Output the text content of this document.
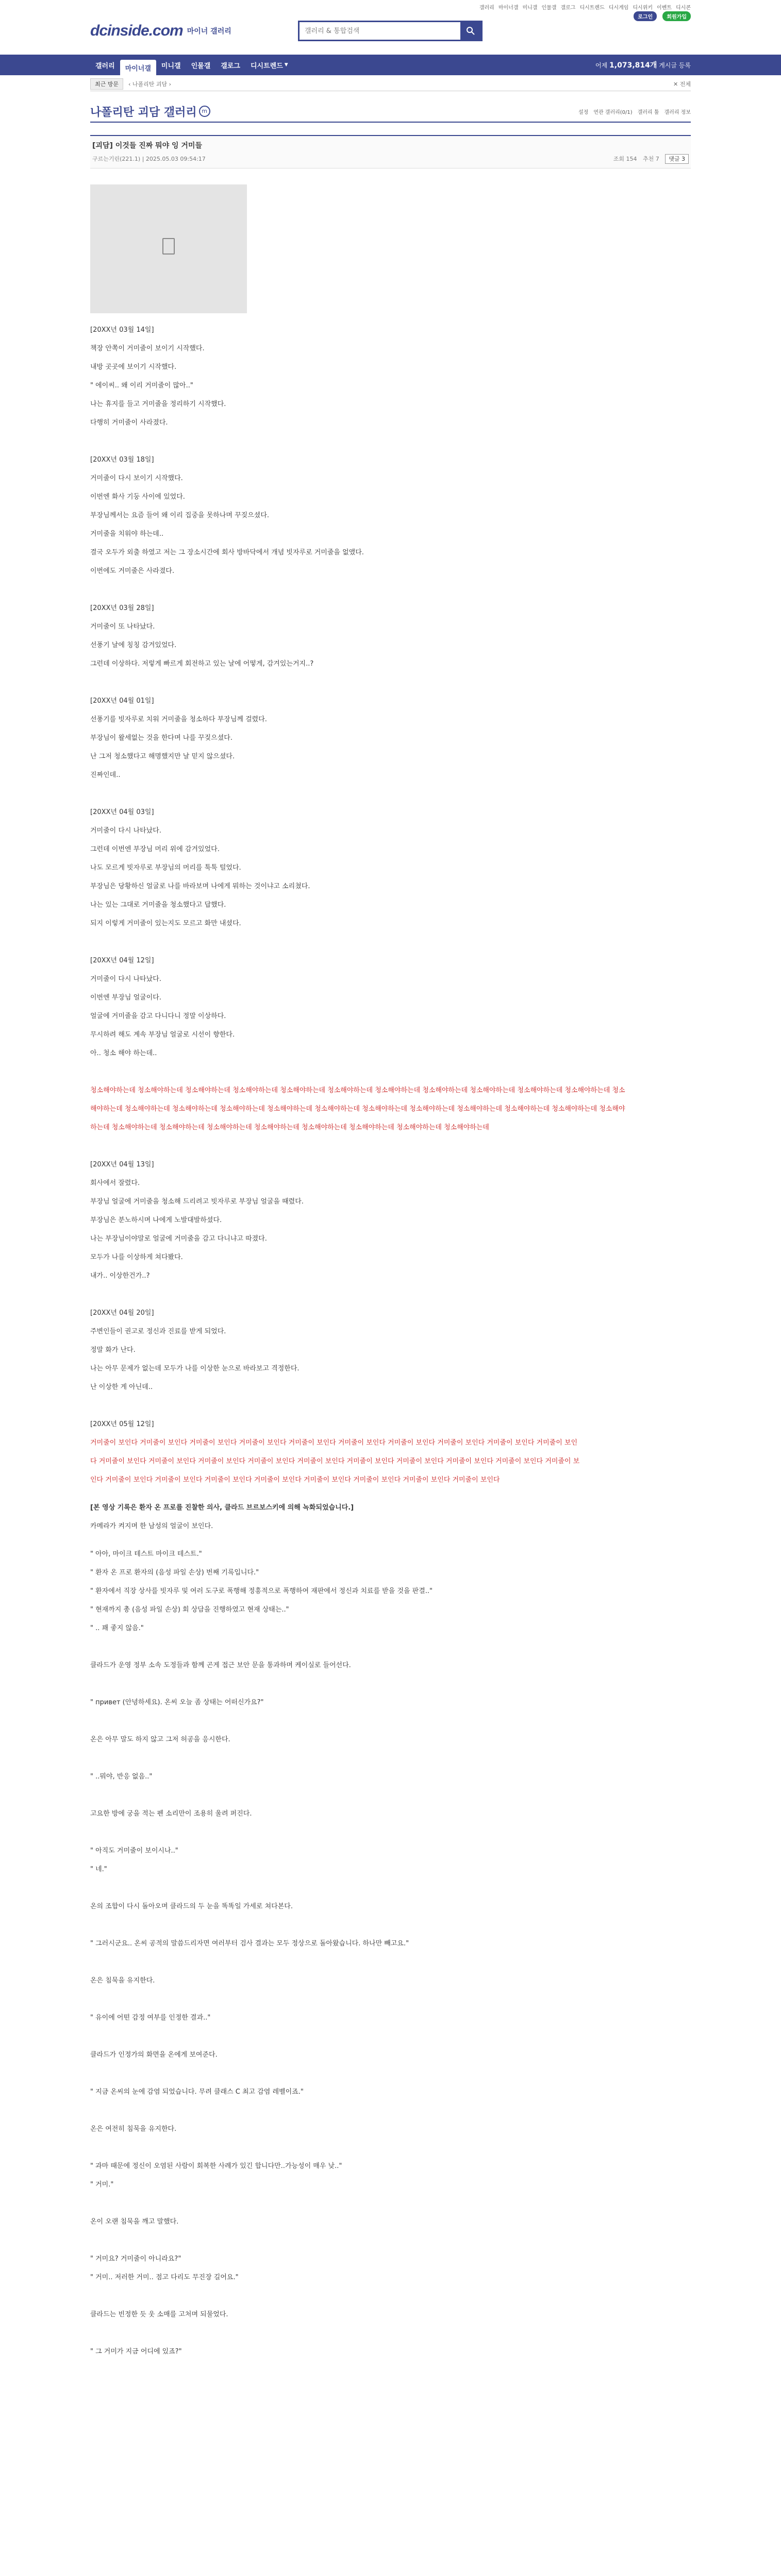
갤러리 마이너갤 미니갤 인물갤 갤로그 디시트렌드 디시게임 디시위키 이벤트 디시콘
로그인	회원가입
dcinside.com 마이너 갤러리
갤러리 & 통합검색
갤러리 마이너갤 미니갤 인물갤 갤로그 디시트렌드 ▼	어제 1,073,814개 게시글 등록
최근 방문	‹ 나폴리탄 괴담 ›	✕ 전체
나폴리탄 괴담 갤러리 m	설정 연관 갤러리(0/1) 갤러리 툴 갤러리 정보
[괴담] 이것들 진짜 뭐야 잉 거미들
구르는기린(221.1) | 2025.05.03 09:54:17	조회 154 추천 7 댓글 3

[20XX년 03월 14일]

책장 안쪽이 거미줄이 보이기 시작했다.

내방 곳곳에 보이기 시작했다.

" 에이씨.. 왜 이리 거미줄이 많아.."

나는 휴지를 들고 거미줄을 정리하기 시작했다.

다행히 거미줄이 사라졌다.

[20XX년 03월 18일]

거미줄이 다시 보이기 시작했다.

이번엔 화사 기둥 사이에 있었다.

부장님께서는 요즘 들어 왜 이리 집중을 못하나며 꾸짖으셨다.

거미줄을 치워야 하는데..

결국 오두가 외출 하였고 저는 그 장소시간에 회사 방바닥에서 개념 빗자루로 거미줄을 없앴다.

이번에도 거미줄은 사라졌다.

[20XX년 03월 28일]

거미줄이 또 나타났다.

선풍기 날에 칭칭 감겨있었다.

그런데 이상하다. 저렇게 빠르게 회전하고 있는 날에 어떻게, 감겨있는거지..?

[20XX년 04월 01일]

선풍기를 빗자루로 치워 거미줄을 청소하다 부장님께 걸렸다.

부장님이 왈세없는 것을 한다며 나를 꾸짖으셨다.

난 그저 청소했다고 해명했지만 날 믿지 않으셨다.

진짜인데..

[20XX년 04월 03일]

거미줄이 다시 나타났다.

그런데 이번엔 부장님 머리 위에 감겨있었다.

나도 모르게 빗자루로 부장님의 머리를 툭툭 털었다.

부장님은 당황하신 얼굴로 나를 바라보며 나에게 뭐하는 것이냐고 소리쳤다.

나는 있는 그대로 거미줄을 청소했다고 답했다.

되지 이렇게 거미줄이 있는지도 모르고 화만 내셨다.

[20XX년 04월 12일]

거미줄이 다시 나타났다.

이번엔 부장님 얼굴이다.

얼굴에 거미줄을 감고 다니다니 정말 이상하다.

무시하려 해도 계속 부장님 얼굴로 시선이 향한다.

아.. 청소 해야 하는데..

청소해야하는데 청소해야하는데 청소해야하는데 청소해야하는데 청소해야하는데 청소해야하는데 청소해야하는데 청소해야하는데 청소해야하는데 청소해야하는데 청소해야하는데 청소

해야하는데 청소해야하는데 청소해야하는데 청소해야하는데 청소해야하는데 청소해야하는데 청소해야하는데 청소해야하는데 청소해야하는데 청소해야하는데 청소해야하는데 청소해야

하는데 청소해야하는데 청소해야하는데 청소해야하는데 청소해야하는데 청소해야하는데 청소해야하는데 청소해야하는데 청소해야하는데

[20XX년 04월 13일]

회사에서 잘렸다.

부장님 얼굴에 거미줄을 청소해 드리려고 빗자루로 부장님 얼굴을 때렸다.

부장님은 분노하시며 나에게 노발대발하셨다.

나는 부장님이야말로 얼굴에 거미줄을 감고 다니냐고 따졌다.

모두가 나를 이상하게 쳐다봤다.

내가.. 이상한건가..?

[20XX년 04월 20일]

주변인들이 권고로 정신과 진료를 받게 되었다.

정말 화가 난다.

나는 아무 문제가 없는데 모두가 나를 이상한 눈으로 바라보고 격정한다.

난 이상한 게 아닌데..

[20XX년 05월 12일]

거미줄이 보인다 거미줄이 보인다 거미줄이 보인다 거미줄이 보인다 거미줄이 보인다 거미줄이 보인다 거미줄이 보인다 거미줄이 보인다 거미줄이 보인다 거미줄이 보인

다 거미줄이 보인다 거미줄이 보인다 거미줄이 보인다 거미줄이 보인다 거미줄이 보인다 거미줄이 보인다 거미줄이 보인다 거미줄이 보인다 거미줄이 보인다 거미줄이 보

인다 거미줄이 보인다 거미줄이 보인다 거미줄이 보인다 거미줄이 보인다 거미줄이 보인다 거미줄이 보인다 거미줄이 보인다 거미줄이 보인다

[본 영상 기록은 환자 온 프로를 진찰한 의사, 클라드 브르보스키에 의해 녹화되었습니다.]

카메라가 켜지며 한 남성의 얼굴이 보인다.

" 아아, 마이크 테스트 마이크 테스트."

" 환자 온 프로 환자의 (음성 파일 손상) 번째 기록입니다."

" 환자에서 직장 상사를 빗자루 및 여러 도구로 폭행해 정흥적으로 폭행하여 재판에서 정신과 치료를 받을 것을 판결.."

" 현재까지 총 (음성 파일 손상) 회 상담을 진행하였고 현재 상태는.."

" .. 꽤 좋지 않음."

클라드가 운영 정부 소속 도정들과 함께 곤게 접근 보안 문을 통과하며 케이실로 들어선다.

" привет (안녕하세요). 온씨 오늘 좀 상태는 어떠신가요?"

온은 아무 말도 하지 않고 그저 허공을 응시한다.

" ..뭐야, 반응 없음.."

고요한 방에 궁을 적는 펜 소리만이 조용히 울려 퍼진다.

" 아직도 거미줄이 보이시나.."

" 네."

온의 조합이 다시 돌아오며 클라드의 두 눈을 똑똑일 가세로 쳐다본다.

" 그러시군요.. 온씨 공적의 말씀드리자면 여러부터 검사 결과는 모두 정상으로 돌아왔습니다. 하나만 빼고요."

온은 침묵을 유지한다.

" 유이에 어떤 감정 여부를 인정한 결과.."

클라드가 인정가의 화면을 온에게 보여준다.

" 지금 온씨의 눈에 감염 되었습니다. 무려 클래스 C 최고 감염 레벨이죠."

온은 여전히 침묵을 유지한다.

" 과마 때문에 정신이 오염된 사람이 회복한 사례가 있긴 합니다만..가능성이 매우 낮.."

" 거미."

온이 오랜 침묵을 깨고 말했다.

" 거미요? 거미줄이 아니라요?"

" 거미.. 저러한 거미.. 점고 다리도 무진장 길어요."

클라드는 빈정한 듯 웃 소매를 고처며 되물었다.

" 그 거미가 지금 어디에 있죠?"
